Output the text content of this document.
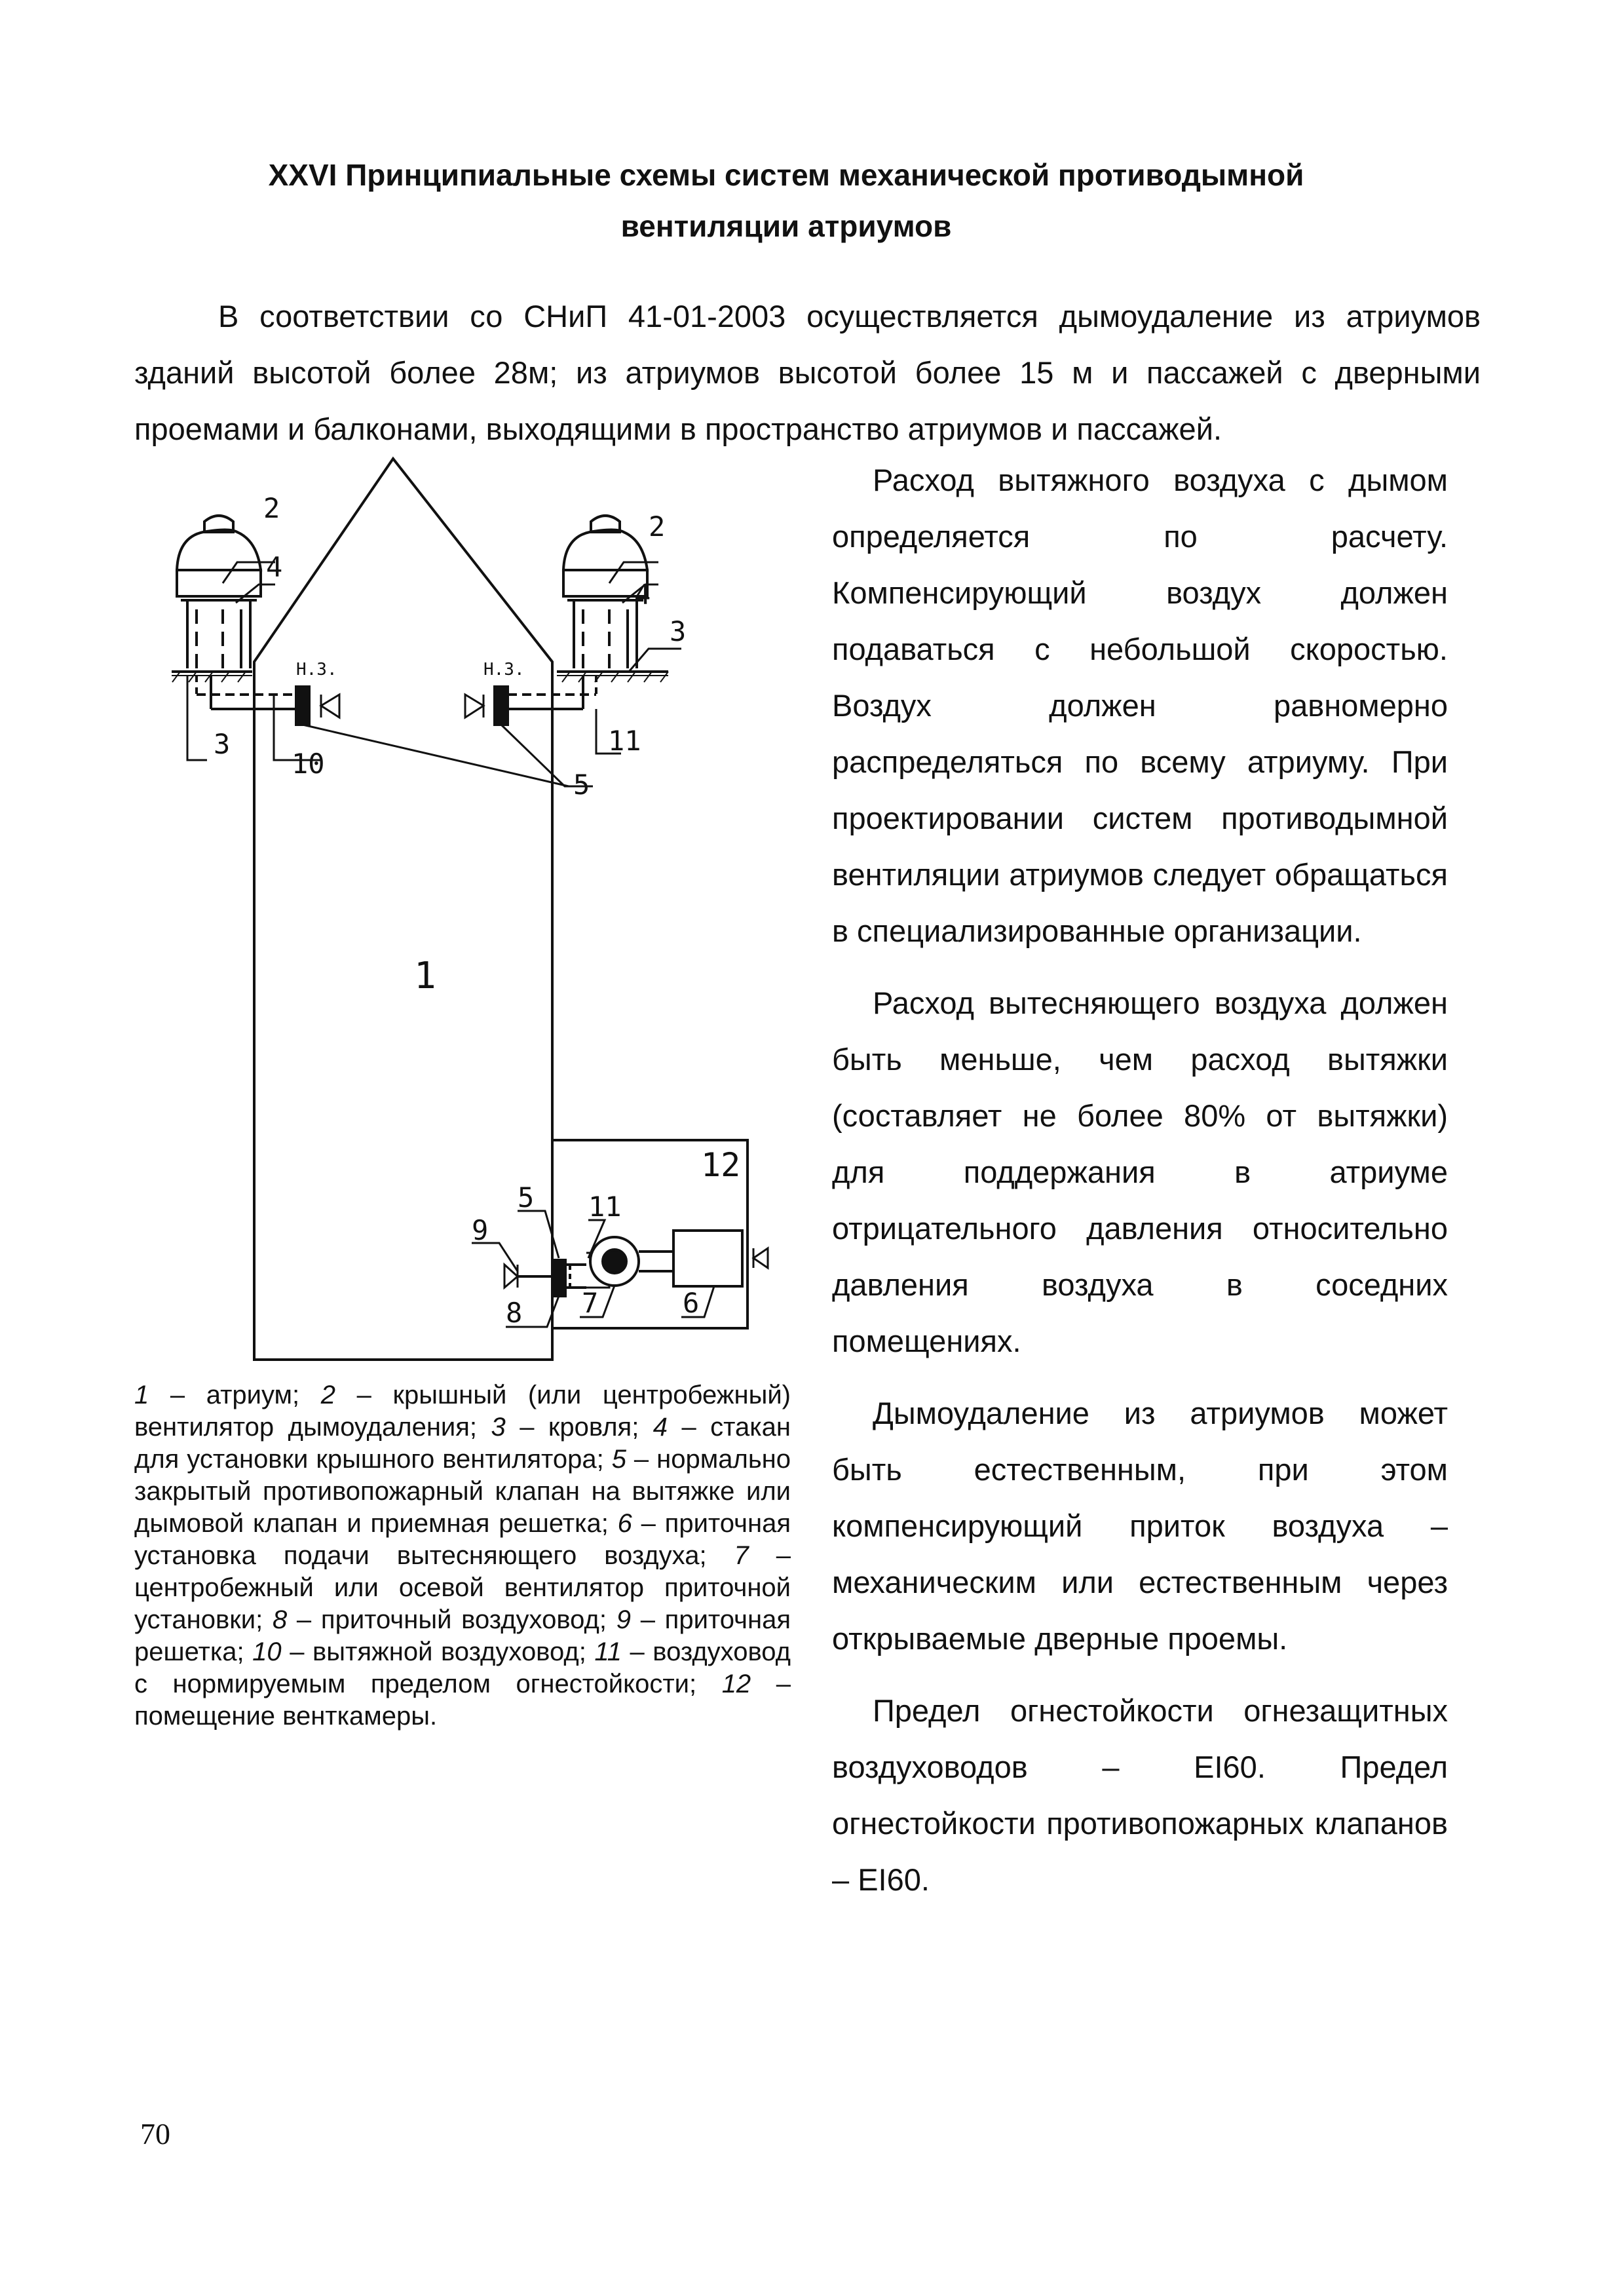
XXVI Принципиальные схемы систем механической противодымной
вентиляции атриумов

В соответствии со СНиП 41-01-2003 осуществляется дымоудаление из атриумов зданий высотой более 28м; из атриумов высотой более 15 м и пассажей с дверными проемами и балконами, выходящими в пространство атриумов и пассажей.

1
2
2
4
4
3
3
10
11
5
Н.З.	Н.З.
12
5 11
9
8 7	6

Расход вытяжного воздуха с дымом определяется по расчету. Компенсирующий воздух должен подаваться с небольшой скоростью. Воздух должен равномерно распределяться по всему атриуму. При проектировании систем противодымной вентиляции атриумов следует обращаться в специализированные организации.

Расход вытесняющего воздуха должен быть меньше, чем расход вытяжки (составляет не более 80% от вытяжки) для поддержания в атриуме отрицательного давления относительно давления воздуха в соседних помещениях.

Дымоудаление из атриумов может быть естественным, при этом компенсирующий приток воздуха – механическим или естественным через открываемые дверные проемы.

Предел огнестойкости огнезащитных воздуховодов – EI60. Предел огнестойкости противопожарных клапанов – EI60.

1 – атриум; 2 – крышный (или центробежный) вентилятор дымоудаления; 3 – кровля; 4 – стакан для установки крышного вентилятора; 5 – нормально закрытый противопожарный клапан на вытяжке или дымовой клапан и приемная решетка; 6 – приточная установка подачи вытесняющего воздуха; 7 – центробежный или осевой вентилятор приточной установки; 8 – приточный воздуховод; 9 – приточная решетка; 10 – вытяжной воздуховод; 11 – воздуховод с нормируемым пределом огнестойкости; 12 – помещение венткамеры.
70
